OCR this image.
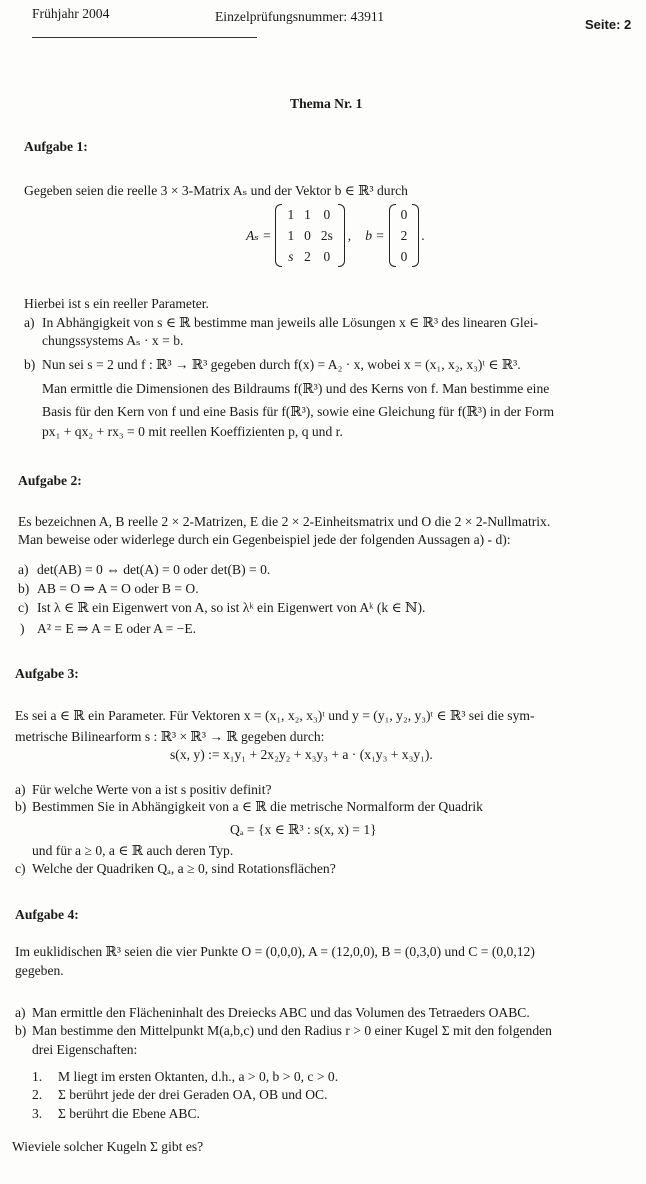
Frühjahr 2004	Einzelprüfungsnummer: 43911
Seite: 2
Thema Nr. 1
Aufgabe 1:
Gegeben seien die reelle 3 × 3-Matrix Aₛ und der Vektor b ∈ ℝ³ durch
Aₛ =
1	1	0
1	0	2s
s	2	0
, b =
0
2
0
.
Hierbei ist s ein reeller Parameter.
a) In Abhängigkeit von s ∈ ℝ bestimme man jeweils alle Lösungen x ∈ ℝ³ des linearen Glei-
chungssystems Aₛ · x = b.
b) Nun sei s = 2 und f : ℝ³ → ℝ³ gegeben durch f(x) = A₂ · x, wobei x = (x₁, x₂, x₃)ᵗ ∈ ℝ³.
Man ermittle die Dimensionen des Bildraums f(ℝ³) und des Kerns von f. Man bestimme eine
Basis für den Kern von f und eine Basis für f(ℝ³), sowie eine Gleichung für f(ℝ³) in der Form
px₁ + qx₂ + rx₃ = 0 mit reellen Koeffizienten p, q und r.
Aufgabe 2:
Es bezeichnen A, B reelle 2 × 2-Matrizen, E die 2 × 2-Einheitsmatrix und O die 2 × 2-Nullmatrix.
Man beweise oder widerlege durch ein Gegenbeispiel jede der folgenden Aussagen a) - d):
a) det(AB) = 0 ⇔ det(A) = 0 oder det(B) = 0.
b) AB = O ⇒ A = O oder B = O.
c) Ist λ ∈ ℝ ein Eigenwert von A, so ist λᵏ ein Eigenwert von Aᵏ (k ∈ ℕ).
) A² = E ⇒ A = E oder A = −E.
Aufgabe 3:
Es sei a ∈ ℝ ein Parameter. Für Vektoren x = (x₁, x₂, x₃)ᵗ und y = (y₁, y₂, y₃)ᵗ ∈ ℝ³ sei die sym-
metrische Bilinearform s : ℝ³ × ℝ³ → ℝ gegeben durch:
s(x, y) := x₁y₁ + 2x₂y₂ + x₃y₃ + a · (x₁y₃ + x₃y₁).
a) Für welche Werte von a ist s positiv definit?
b) Bestimmen Sie in Abhängigkeit von a ∈ ℝ die metrische Normalform der Quadrik
Qₐ = {x ∈ ℝ³ : s(x, x) = 1}
und für a ≥ 0, a ∈ ℝ auch deren Typ.
c) Welche der Quadriken Qₐ, a ≥ 0, sind Rotationsflächen?
Aufgabe 4:
Im euklidischen ℝ³ seien die vier Punkte O = (0,0,0), A = (12,0,0), B = (0,3,0) und C = (0,0,12)
gegeben.
a) Man ermittle den Flächeninhalt des Dreiecks ABC und das Volumen des Tetraeders OABC.
b) Man bestimme den Mittelpunkt M(a,b,c) und den Radius r > 0 einer Kugel Σ mit den folgenden
drei Eigenschaften:
1. M liegt im ersten Oktanten, d.h., a > 0, b > 0, c > 0.
2. Σ berührt jede der drei Geraden OA, OB und OC.
3. Σ berührt die Ebene ABC.
Wieviele solcher Kugeln Σ gibt es?
